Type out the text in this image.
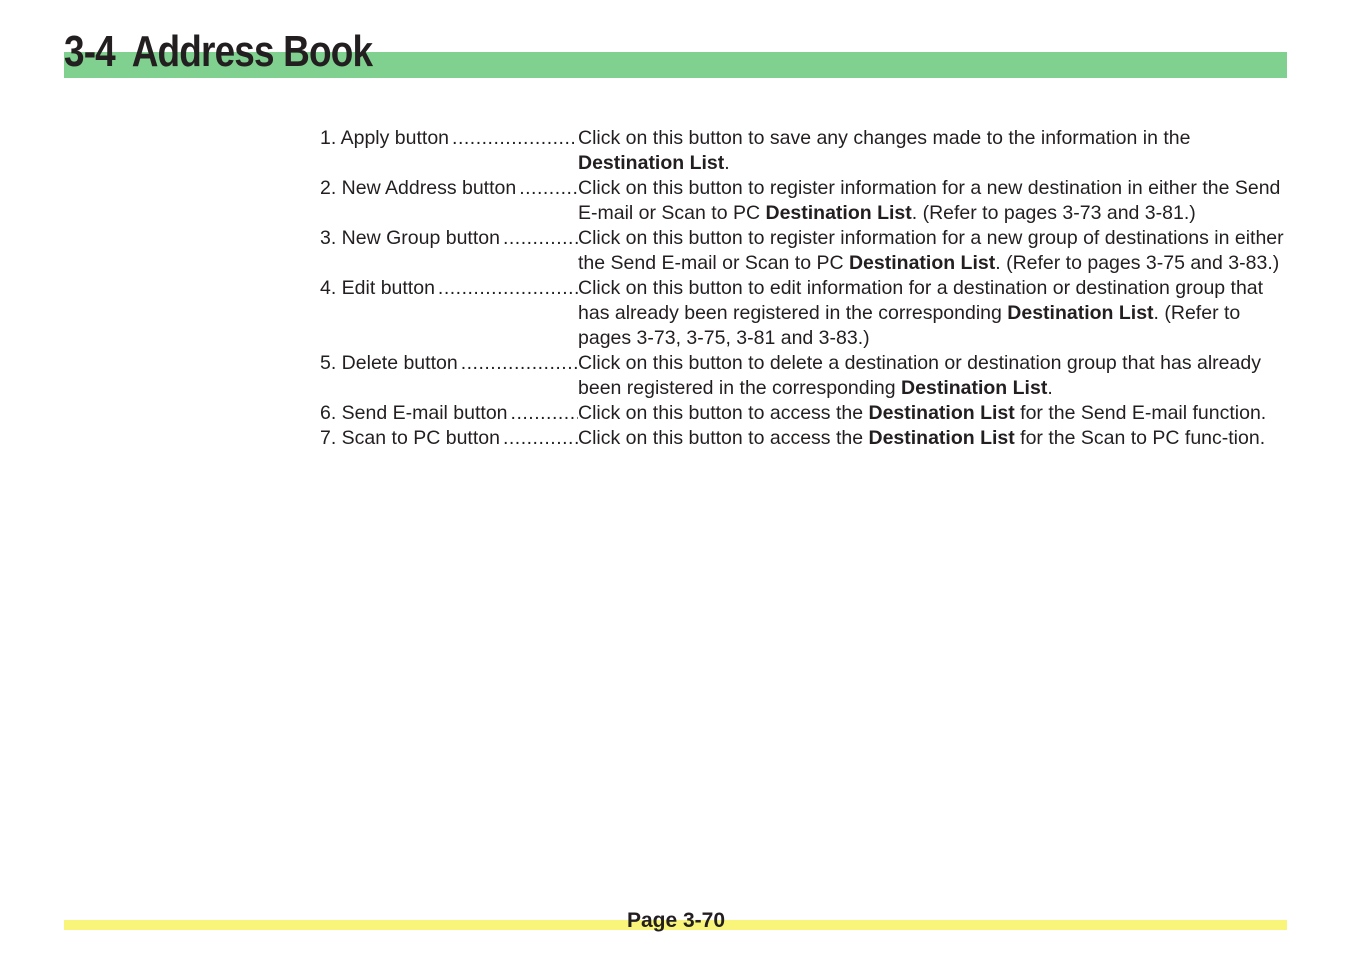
3-4 Address Book
1. Apply button .....	Click on this button to save any changes made to the information in the Destination List.
2. New Address button .....	Click on this button to register information for a new destination in either the Send E-mail or Scan to PC Destination List. (Refer to pages 3-73 and 3-81.)
3. New Group button .....	Click on this button to register information for a new group of destinations in either the Send E-mail or Scan to PC Destination List. (Refer to pages 3-75 and 3-83.)
4. Edit button .....	Click on this button to edit information for a destination or destination group that has already been registered in the corresponding Destination List. (Refer to pages 3-73, 3-75, 3-81 and 3-83.)
5. Delete button .....	Click on this button to delete a destination or destination group that has already been registered in the corresponding Destination List.
6. Send E-mail button .....	Click on this button to access the Destination List for the Send E-mail function.
7. Scan to PC button .....	Click on this button to access the Destination List for the Scan to PC func-tion.
Page 3-70
